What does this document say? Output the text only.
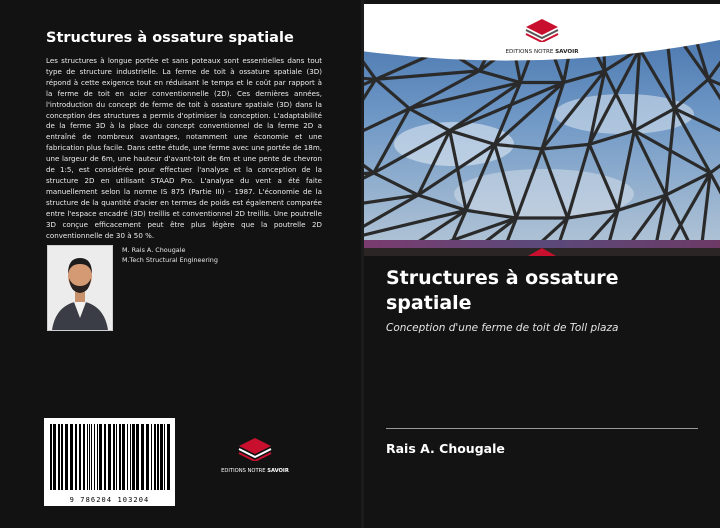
Structures à ossature spatiale

Les structures à longue portée et sans poteaux sont essentielles dans tout type de structure industrielle. La ferme de toit à ossature spatiale (3D) répond à cette exigence tout en réduisant le temps et le coût par rapport à la ferme de toit en acier conventionnelle (2D). Ces dernières années, l'introduction du concept de ferme de toit à ossature spatiale (3D) dans la conception des structures a permis d'optimiser la conception. L'adaptabilité de la ferme 3D à la place du concept conventionnel de la ferme 2D a entraîné de nombreux avantages, notamment une économie et une fabrication plus facile. Dans cette étude, une ferme avec une portée de 18m, une largeur de 6m, une hauteur d'avant-toit de 6m et une pente de chevron de 1:5, est considérée pour effectuer l'analyse et la conception de la structure 2D en utilisant STAAD Pro. L'analyse du vent a été faite manuellement selon la norme IS 875 (Partie III) - 1987. L'économie de la structure de la quantité d'acier en termes de poids est également comparée entre l'espace encadré (3D) treillis et conventionnel 2D treillis. Une poutrelle 3D conçue efficacement peut être plus légère que la poutrelle 2D conventionnelle de 30 à 50 %.

M. Rais A. Chougale
M.Tech Structural Engineering
9 786204 103204
EDITIONS NOTRE SAVOIR
EDITIONS NOTRE SAVOIR
Structures à ossature spatiale
Conception d'une ferme de toit de Toll plaza
Rais A. Chougale
